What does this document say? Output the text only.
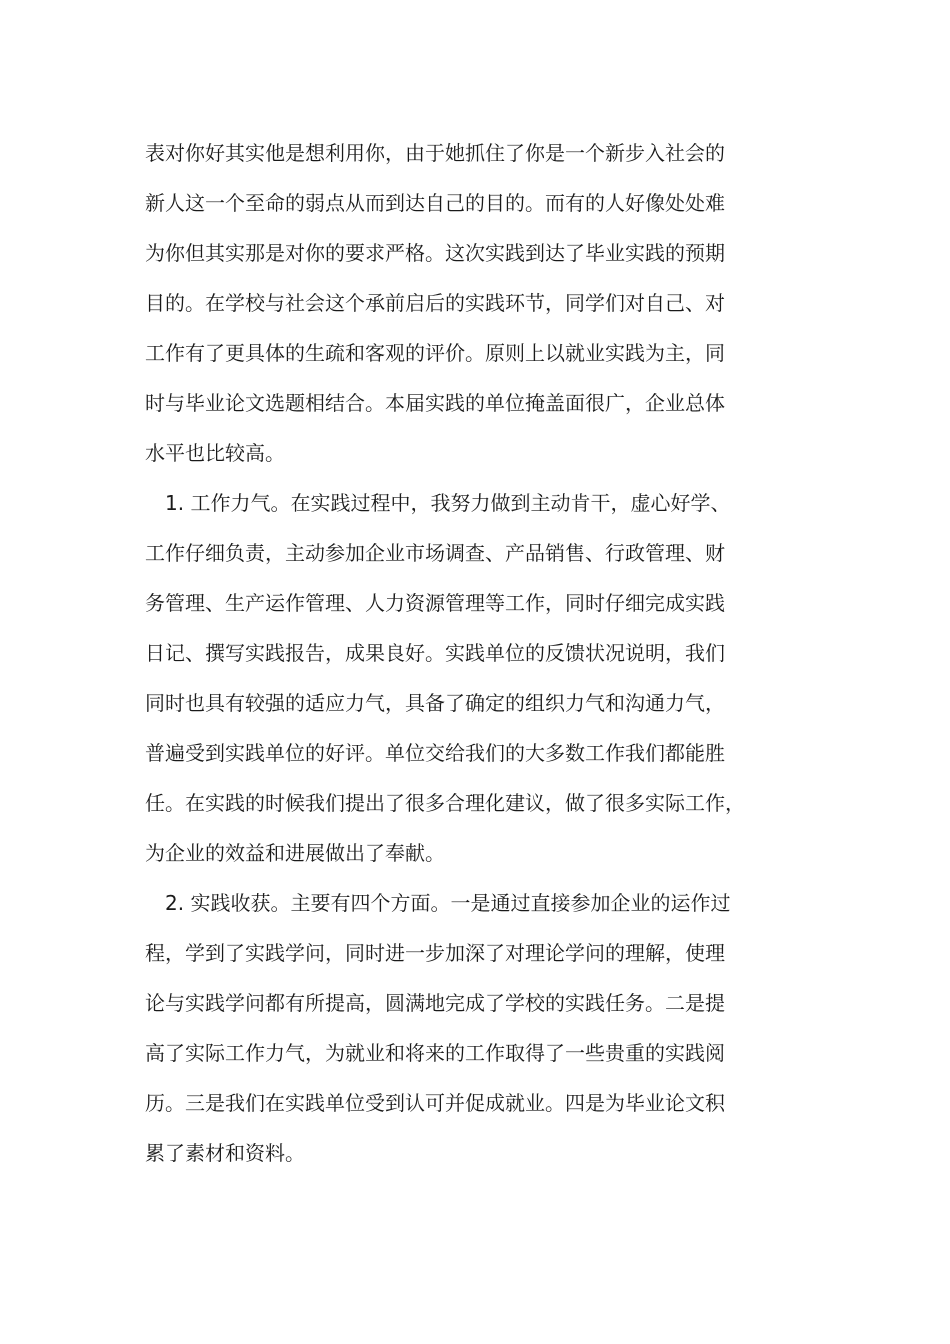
表对你好其实他是想利用你，由于她抓住了你是一个新步入社会的
新人这一个至命的弱点从而到达自己的目的。而有的人好像处处难
为你但其实那是对你的要求严格。这次实践到达了毕业实践的预期
目的。在学校与社会这个承前启后的实践环节，同学们对自己、对
工作有了更具体的生疏和客观的评价。原则上以就业实践为主，同
时与毕业论文选题相结合。本届实践的单位掩盖面很广，企业总体
水平也比较高。
1. 工作力气。在实践过程中，我努力做到主动肯干，虚心好学、
工作仔细负责，主动参加企业市场调查、产品销售、行政管理、财
务管理、生产运作管理、人力资源管理等工作，同时仔细完成实践
日记、撰写实践报告，成果良好。实践单位的反馈状况说明，我们
同时也具有较强的适应力气，具备了确定的组织力气和沟通力气，
普遍受到实践单位的好评。单位交给我们的大多数工作我们都能胜
任。在实践的时候我们提出了很多合理化建议，做了很多实际工作，
为企业的效益和进展做出了奉献。
2. 实践收获。主要有四个方面。一是通过直接参加企业的运作过
程，学到了实践学问，同时进一步加深了对理论学问的理解，使理
论与实践学问都有所提高，圆满地完成了学校的实践任务。二是提
高了实际工作力气，为就业和将来的工作取得了一些贵重的实践阅
历。三是我们在实践单位受到认可并促成就业。四是为毕业论文积
累了素材和资料。
